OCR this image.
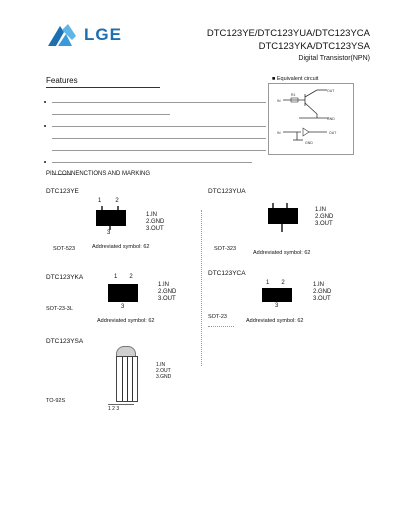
LGE	DTC123YE/DTC123YUA/DTC123YCA
DTC123YKA/DTC123YSA
Digital Transistor(NPN)
Features	■ Equivalent circuit
OUT
GND
IN
R1
IN	OUT
GND
PIN CONNENCTIONS AND MARKING
DTC123YE
1 2
3
1.IN
2.GND
3.OUT
SOT-523	Addreviated symbol: 62
DTC123YUA
1.IN
2.GND
3.OUT
SOT-323
Addreviated symbol: 62
DTC123YKA	1 2
3
1.IN
2.GND
3.OUT
SOT-23-3L
Addreviated symbol: 62
DTC123YCA
1 2
3
1.IN
2.GND
3.OUT
SOT-23
Addreviated symbol: 62
DTC123YSA
1.IN
2.OUT
3.GND
TO-92S
1 2 3
